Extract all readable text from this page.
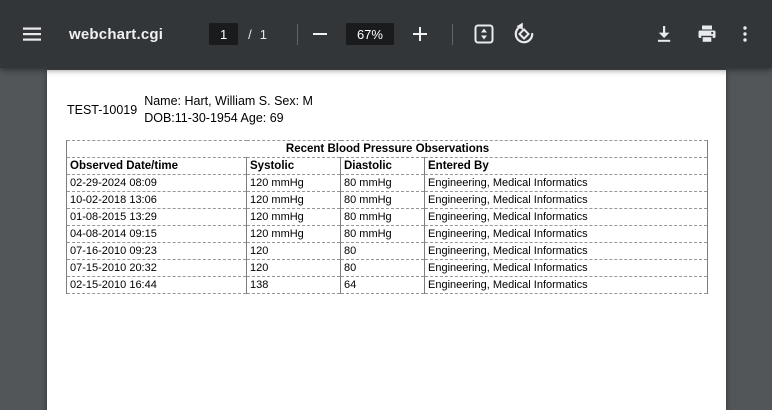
webchart.cgi
1	/ 1	67%
TEST-10019
Name: Hart, William S. Sex: M
DOB:11-30-1954 Age: 69
Recent Blood Pressure Observations			
Observed Date/time	Systolic	Diastolic	Entered By
02-29-2024 08:09	120 mmHg	80 mmHg	Engineering, Medical Informatics
10-02-2018 13:06	120 mmHg	80 mmHg	Engineering, Medical Informatics
01-08-2015 13:29	120 mmHg	80 mmHg	Engineering, Medical Informatics
04-08-2014 09:15	120 mmHg	80 mmHg	Engineering, Medical Informatics
07-16-2010 09:23	120	80	Engineering, Medical Informatics
07-15-2010 20:32	120	80	Engineering, Medical Informatics
02-15-2010 16:44	138	64	Engineering, Medical Informatics
